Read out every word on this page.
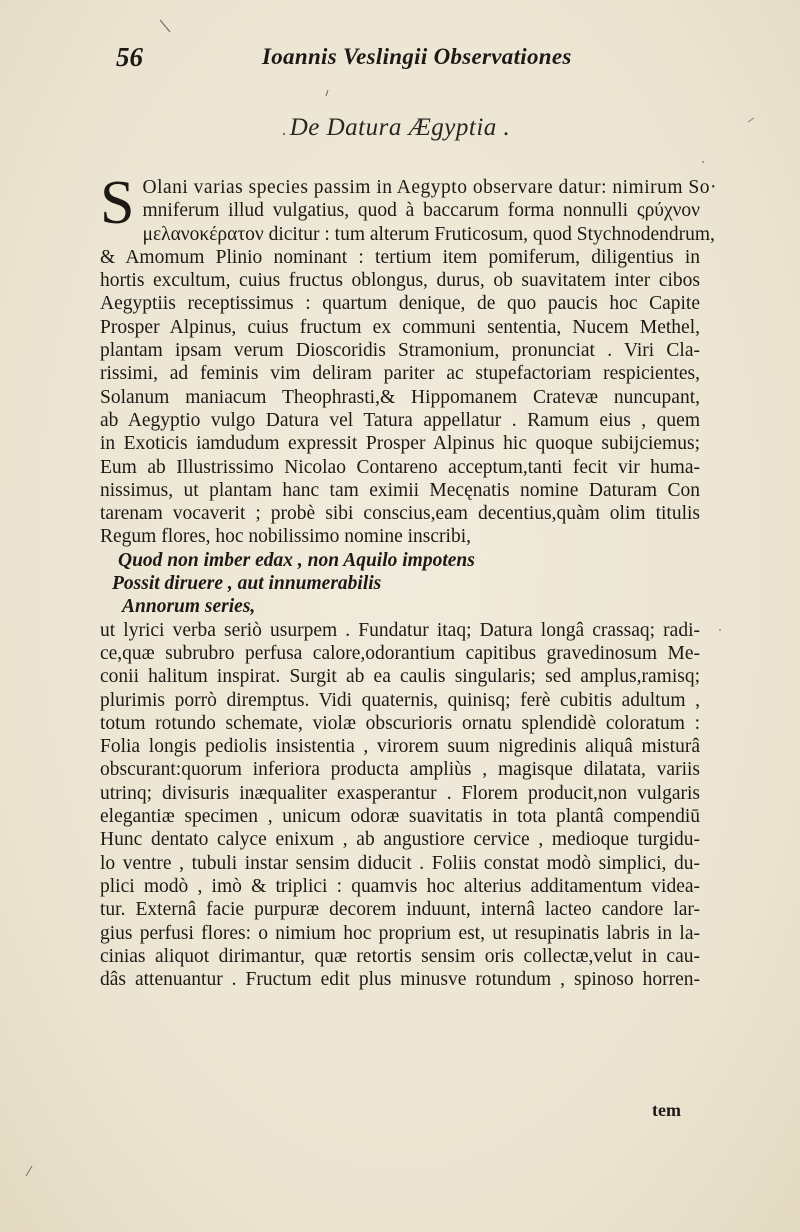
56	Ioannis Veslingii Observationes
De Datura Ægyptia .
S Olani varias species passim in Aegypto observare datur: nimirum So·
mniferum illud vulgatius, quod à baccarum forma nonnulli ςρύχνον
μελανοκέρατον dicitur : tum alterum Fruticosum, quod Stychnodendrum,
& Amomum Plinio nominant : tertium item pomiferum, diligentius in
hortis excultum, cuius fructus oblongus, durus, ob suavitatem inter cibos
Aegyptiis receptissimus : quartum denique, de quo paucis hoc Capite
Prosper Alpinus, cuius fructum ex communi sententia, Nucem Methel,
plantam ipsam verum Dioscoridis Stramonium, pronunciat . Viri Cla-
rissimi, ad feminis vim deliram pariter ac stupefactoriam respicientes,
Solanum maniacum Theophrasti,& Hippomanem Cratevæ nuncupant,
ab Aegyptio vulgo Datura vel Tatura appellatur . Ramum eius , quem
in Exoticis iamdudum expressit Prosper Alpinus hic quoque subijciemus;
Eum ab Illustrissimo Nicolao Contareno acceptum,tanti fecit vir huma-
nissimus, ut plantam hanc tam eximii Mecęnatis nomine Daturam Con
tarenam vocaverit ; probè sibi conscius,eam decentius,quàm olim titulis
Regum flores, hoc nobilissimo nomine inscribi,
Quod non imber edax , non Aquilo impotens
Possit diruere , aut innumerabilis
Annorum series,
ut lyrici verba seriò usurpem . Fundatur itaq; Datura longâ crassaq; radi-
ce,quæ subrubro perfusa calore,odorantium capitibus gravedinosum Me-
conii halitum inspirat. Surgit ab ea caulis singularis; sed amplus,ramisq;
plurimis porrò diremptus. Vidi quaternis, quinisq; ferè cubitis adultum ,
totum rotundo schemate, violæ obscurioris ornatu splendidè coloratum :
Folia longis pediolis insistentia , virorem suum nigredinis aliquâ misturâ
obscurant:quorum inferiora producta ampliùs , magisque dilatata, variis
utrinq; divisuris inæqualiter exasperantur . Florem producit,non vulgaris
elegantiæ specimen , unicum odoræ suavitatis in tota plantâ compendiū
Hunc dentato calyce enixum , ab angustiore cervice , medioque turgidu-
lo ventre , tubuli instar sensim diducit . Foliis constat modò simplici, du-
plici modò , imò & triplici : quamvis hoc alterius additamentum videa-
tur. Externâ facie purpuræ decorem induunt, internâ lacteo candore lar-
gius perfusi flores: o nimium hoc proprium est, ut resupinatis labris in la-
cinias aliquot dirimantur, quæ retortis sensim oris collectæ,velut in cau-
dâs attenuantur . Fructum edit plus minusve rotundum , spinoso horren-
tem
